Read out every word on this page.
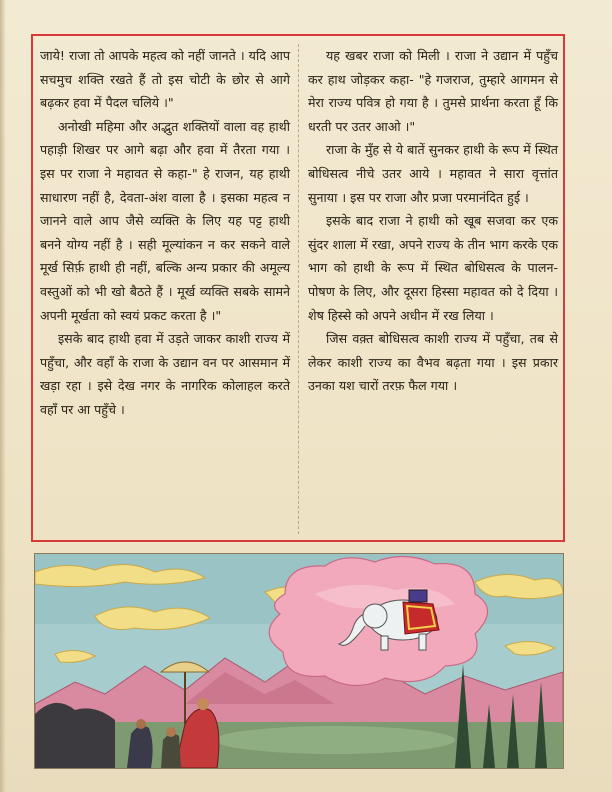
जाये! राजा तो आपके महत्व को नहीं जानते । यदि आप सचमुच शक्ति रखते हैं तो इस चोटी के छोर से आगे बढ़कर हवा में पैदल चलिये ।"

अनोखी महिमा और अद्भुत शक्तियों वाला वह हाथी पहाड़ी शिखर पर आगे बढ़ा और हवा में तैरता गया । इस पर राजा ने महावत से कहा-" हे राजन, यह हाथी साधारण नहीं है, देवता-अंश वाला है । इसका महत्व न जानने वाले आप जैसे व्यक्ति के लिए यह पट्ट हाथी बनने योग्य नहीं है । सही मूल्यांकन न कर सकने वाले मूर्ख सिर्फ़ हाथी ही नहीं, बल्कि अन्य प्रकार की अमूल्य वस्तुओं को भी खो बैठते हैं । मूर्ख व्यक्ति सबके सामने अपनी मूर्खता को स्वयं प्रकट करता है ।"

इसके बाद हाथी हवा में उड़ते जाकर काशी राज्य में पहुँचा, और वहाँ के राजा के उद्यान वन पर आसमान में खड़ा रहा । इसे देख नगर के नागरिक कोलाहल करते वहाँ पर आ पहुँचे ।

यह खबर राजा को मिली । राजा ने उद्यान में पहुँच कर हाथ जोड़कर कहा- "हे गजराज, तुम्हारे आगमन से मेरा राज्य पवित्र हो गया है । तुमसे प्रार्थना करता हूँ कि धरती पर उतर आओ ।"

राजा के मुँह से ये बातें सुनकर हाथी के रूप में स्थित बोधिसत्व नीचे उतर आये । महावत ने सारा वृत्तांत सुनाया । इस पर राजा और प्रजा परमानंदित हुई ।

इसके बाद राजा ने हाथी को खूब सजवा कर एक सुंदर शाला में रखा, अपने राज्य के तीन भाग करके एक भाग को हाथी के रूप में स्थित बोधिसत्व के पालन-पोषण के लिए, और दूसरा हिस्सा महावत को दे दिया । शेष हिस्से को अपने अधीन में रख लिया ।

जिस वक़्त बोधिसत्व काशी राज्य में पहुँचा, तब से लेकर काशी राज्य का वैभव बढ़ता गया । इस प्रकार उनका यश चारों तरफ़ फैल गया ।
